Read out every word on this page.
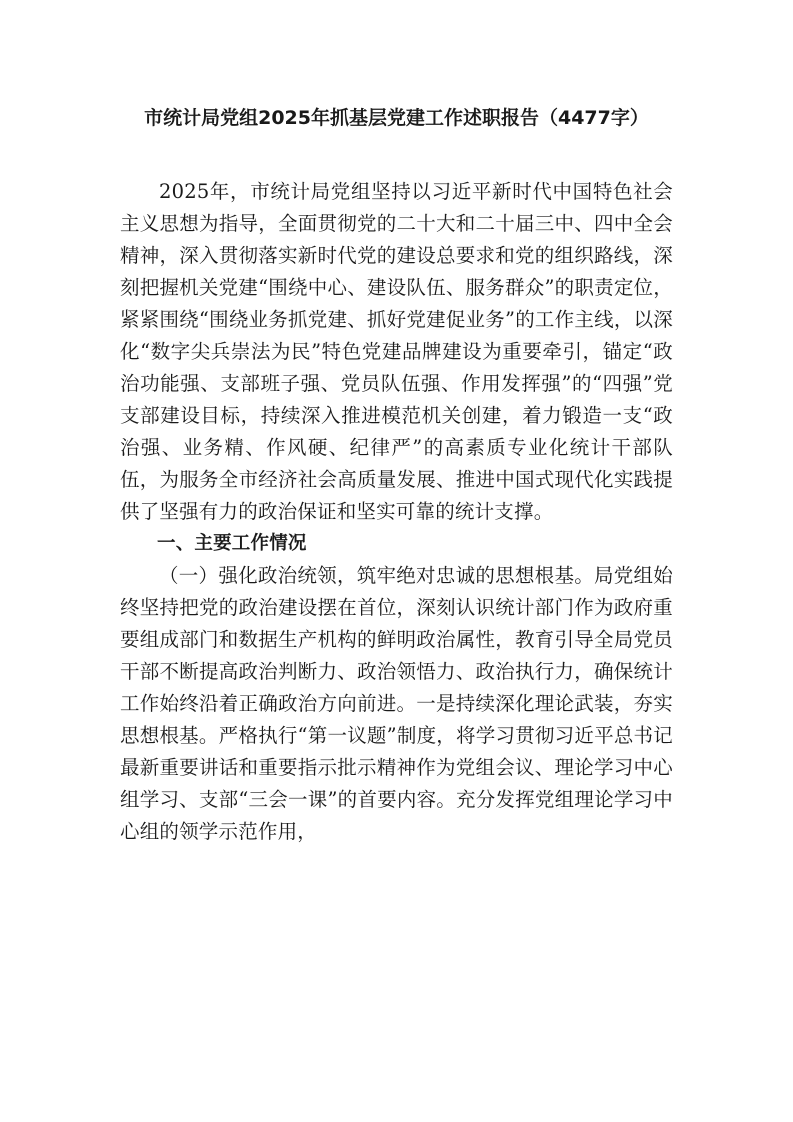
市统计局党组2025年抓基层党建工作述职报告（4477字）

2025年，市统计局党组坚持以习近平新时代中国特色社会主义思想为指导，全面贯彻党的二十大和二十届三中、四中全会精神，深入贯彻落实新时代党的建设总要求和党的组织路线，深刻把握机关党建“围绕中心、建设队伍、服务群众”的职责定位，紧紧围绕“围绕业务抓党建、抓好党建促业务”的工作主线，以深化“数字尖兵崇法为民”特色党建品牌建设为重要牵引，锚定“政治功能强、支部班子强、党员队伍强、作用发挥强”的“四强”党支部建设目标，持续深入推进模范机关创建，着力锻造一支“政治强、业务精、作风硬、纪律严”的高素质专业化统计干部队伍，为服务全市经济社会高质量发展、推进中国式现代化实践提供了坚强有力的政治保证和坚实可靠的统计支撑。

一、主要工作情况

（一）强化政治统领，筑牢绝对忠诚的思想根基。局党组始终坚持把党的政治建设摆在首位，深刻认识统计部门作为政府重要组成部门和数据生产机构的鲜明政治属性，教育引导全局党员干部不断提高政治判断力、政治领悟力、政治执行力，确保统计工作始终沿着正确政治方向前进。一是持续深化理论武装，夯实思想根基。严格执行“第一议题”制度，将学习贯彻习近平总书记最新重要讲话和重要指示批示精神作为党组会议、理论学习中心组学习、支部“三会一课”的首要内容。充分发挥党组理论学习中心组的领学示范作用，
